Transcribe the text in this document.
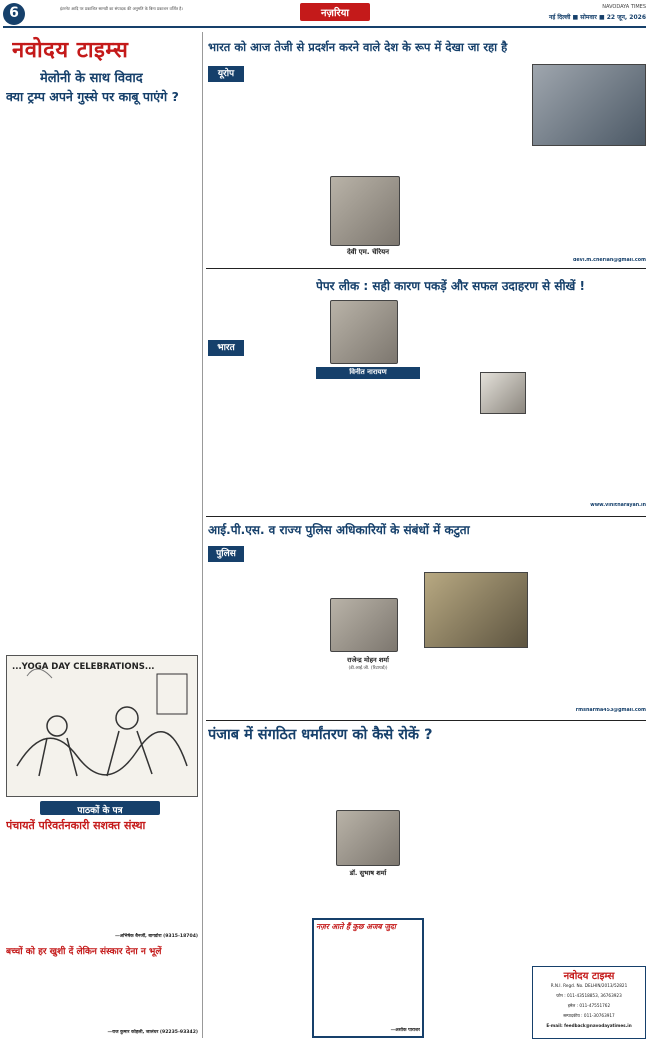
6	इंटरनेट आदि पर प्रकाशित सामग्री का संपादक की अनुमति के बिना प्रकाशन वर्जित है।	नज़रिया
NAVODAYA TIMES
नई दिल्ली ■ सोमवार ■ 22 जून, 2026
नवोदय टाइम्स
मेलोनी के साथ विवाद
क्या ट्रम्प अपने गुस्से पर काबू पाएंगे ?
...YOGA DAY CELEBRATIONS...
पाठकों के पत्र
पंचायतें परिवर्तनकारी सशक्त संस्था
—अभिषेक बैनर्जी, बागडोरा (9315-18704)
बच्चों को हर खुशी दें लेकिन संस्कार देना न भूलें
—राज कुमार कोहली, जालंधर (92235-93342)
भारत को आज तेजी से प्रदर्शन करने वाले देश के रूप में देखा जा रहा है
यूरोप
देवी एम. चेरियन
devi.m.cherian@gmail.com
भारत
पेपर लीक : सही कारण पकड़ें और सफल उदाहरण से सीखें !
विनीत नारायण
www.vinitnarayan.in
आई.पी.एस. व राज्य पुलिस अधिकारियों के संबंधों में कटुता
पुलिस
राजेन्द्र मोहन शर्मा
(डी.आई.जी. (रिटायर्ड))
rmsharma453@gmail.com
पंजाब में संगठित धर्मांतरण को कैसे रोकें ?
डॉ. सुभाष शर्मा
नज़र आते हैं कुछ अजब जुदा
—अशोक पाराशर
नवोदय टाइम्स
R.N.I. Regd. No. DELHIN/2013/52821
फोन : 011-43518853, 36763923
इमेल : 011-47551762
सम्पादकीय : 011-30763917
E-mail: feedback@navodayatimes.in
